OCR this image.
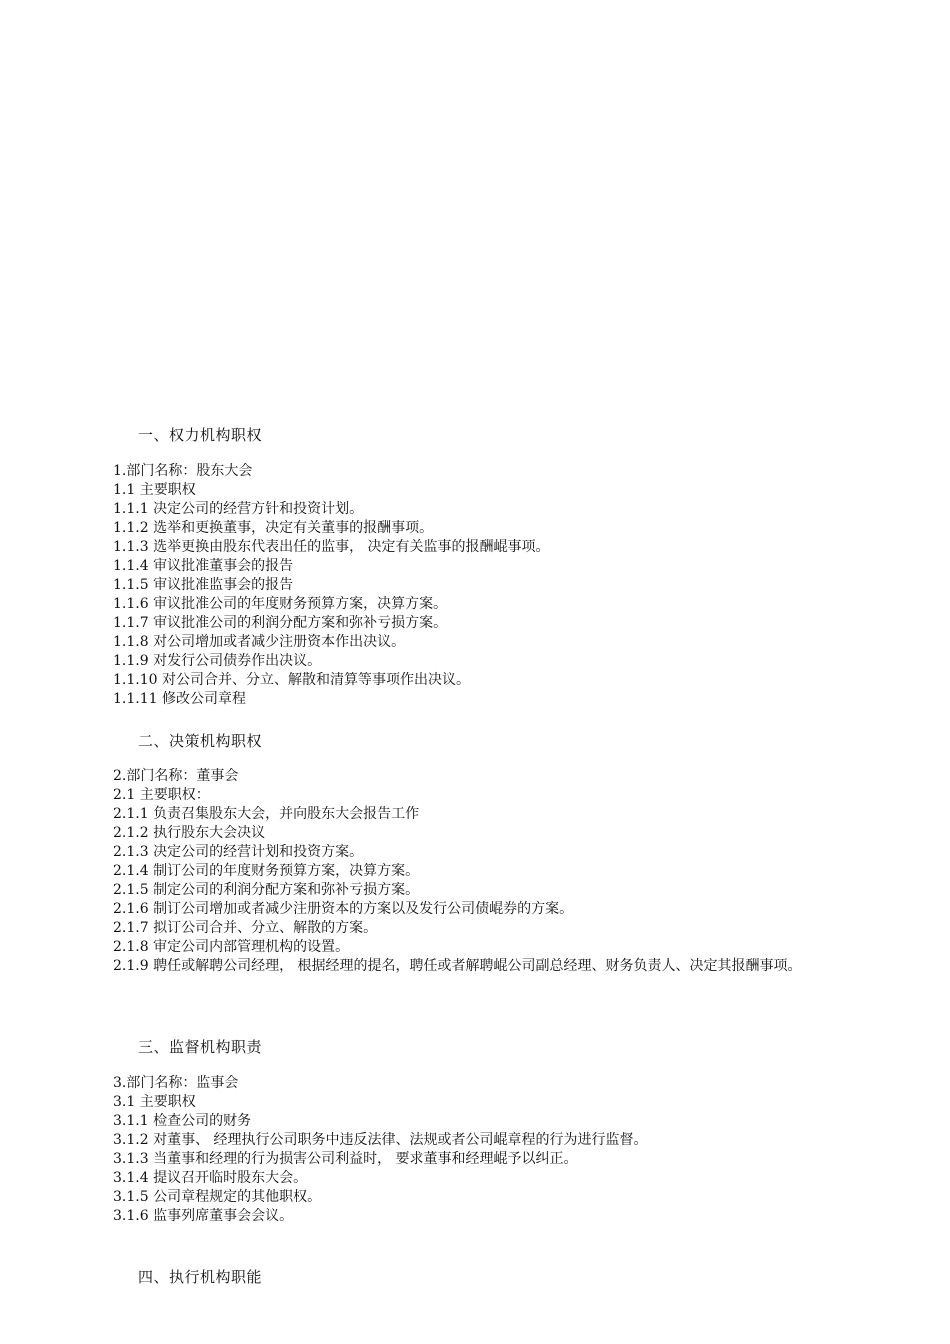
一、权力机构职权
1.部门名称：股东大会
1.1 主要职权
1.1.1 决定公司的经营方针和投资计划。
1.1.2 选举和更换董事，决定有关董事的报酬事项。
1.1.3 选举更换由股东代表出任的监事， 决定有关监事的报酬崐事项。
1.1.4 审议批准董事会的报告
1.1.5 审议批准监事会的报告
1.1.6 审议批准公司的年度财务预算方案，决算方案。
1.1.7 审议批准公司的利润分配方案和弥补亏损方案。
1.1.8 对公司增加或者减少注册资本作出决议。
1.1.9 对发行公司债券作出决议。
1.1.10 对公司合并、分立、解散和清算等事项作出决议。
1.1.11 修改公司章程
二、决策机构职权
2.部门名称：董事会
2.1 主要职权：
2.1.1 负责召集股东大会，并向股东大会报告工作
2.1.2 执行股东大会决议
2.1.3 决定公司的经营计划和投资方案。
2.1.4 制订公司的年度财务预算方案，决算方案。
2.1.5 制定公司的利润分配方案和弥补亏损方案。
2.1.6 制订公司增加或者减少注册资本的方案以及发行公司债崐券的方案。
2.1.7 拟订公司合并、分立、解散的方案。
2.1.8 审定公司内部管理机构的设置。
2.1.9 聘任或解聘公司经理， 根据经理的提名，聘任或者解聘崐公司副总经理、财务负责人、决定其报酬事项。
三、监督机构职责
3.部门名称：监事会
3.1 主要职权
3.1.1 检查公司的财务
3.1.2 对董事、 经理执行公司职务中违反法律、法规或者公司崐章程的行为进行监督。
3.1.3 当董事和经理的行为损害公司利益时， 要求董事和经理崐予以纠正。
3.1.4 提议召开临时股东大会。
3.1.5 公司章程规定的其他职权。
3.1.6 监事列席董事会会议。
四、执行机构职能
